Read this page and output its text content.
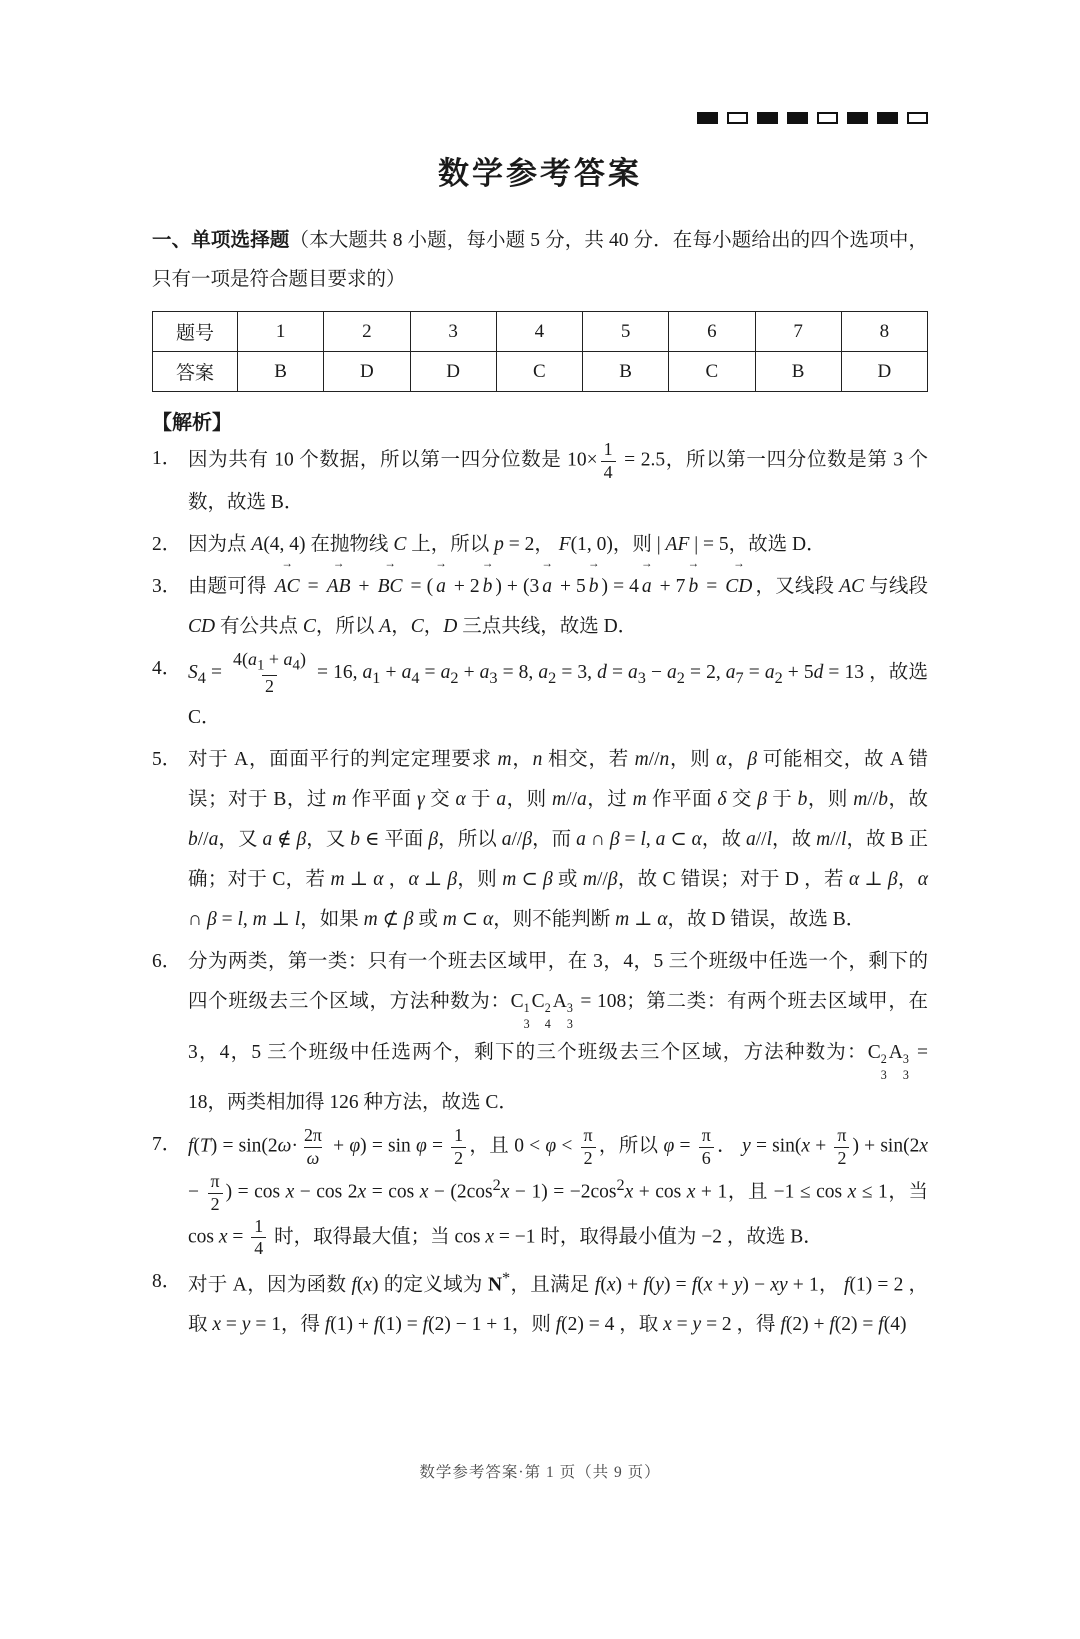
数学参考答案
一、单项选择题（本大题共 8 小题，每小题 5 分，共 40 分．在每小题给出的四个选项中，只有一项是符合题目要求的）
题号	1	2	3	4	5	6	7	8
答案	B	D	D	C	B	C	B	D
【解析】
1． 因为共有 10 个数据，所以第一四分位数是 $10\times \frac{1}{4} = 2.5$，所以第一四分位数是第 3 个数，故选 B．
2． 因为点 A(4, 4) 在抛物线 C 上，所以 p = 2， F(1, 0)，则 | AF | = 5，故选 D．
3． 由题可得 → AC = → AB + → BC = ( → a + 2 → b ) + (3 → a + 5 → b ) = 4 → a + 7 → b = → CD ，又线段 AC 与线段 CD 有公共点 C，所以 A，C，D 三点共线，故选 D．
4． $S_4 = \frac{4(a_1 + a_4)}{2} = 16$, $a_1 + a_4 = a_2 + a_3 = 8$, $a_2 = 3$, $d = a_3 - a_2 = 2$, $a_7 = a_2 + 5d = 13$ ，故选 C．
5． 对于 A，面面平行的判定定理要求 m，n 相交，若 m//n，则 α，β 可能相交，故 A 错误；对于 B，过 m 作平面 γ 交 α 于 a，则 m//a，过 m 作平面 δ 交 β 于 b，则 m//b，故 b//a，又 a ∉ β，又 b ∈ 平面 β，所以 a//β，而 a ∩ β = l, a ⊂ α，故 a//l，故 m//l，故 B 正确；对于 C，若 m ⊥ α ，α ⊥ β，则 m ⊂ β 或 m//β，故 C 错误；对于 D ，若 α ⊥ β，α ∩ β = l, m ⊥ l，如果 m ⊄ β 或 m ⊂ α，则不能判断 m ⊥ α，故 D 错误，故选 B．
6． 分为两类，第一类：只有一个班去区域甲，在 3，4，5 三个班级中任选一个，剩下的四个班级去三个区域，方法种数为：C 1
3
C 2
4
A 3
3
= 108；第二类：有两个班去区域甲，在 3，4，5 三个班级中任选两个，剩下的三个班级去三个区域，方法种数为：C 2
3
A 3
3
= 18，两类相加得 126 种方法，故选 C．
7． $f(T) = \sin(2\omega\cdot \frac{2\pi}{\omega} + \varphi) = \sin \varphi = \frac{1}{2}$ ，且 $0 < \varphi < \frac{\pi}{2}$ ，所以 $\varphi = \frac{\pi}{6}$ ． $y = \sin(x + \frac{\pi}{2}$ ) + $\sin(2x - \frac{\pi}{2}$ ) = $\cos x - \cos 2x = \cos x - (2\cos^2x - 1) = -2\cos^2x + \cos x + 1$，且 −1 ≤ cos x ≤ 1，当 $\cos x = \frac{1}{4}$ 时，取得最大值；当 cos x = −1 时，取得最小值为 −2 ，故选 B．
8． 对于 A，因为函数 f(x) 的定义域为 N*，且满足 f(x) + f(y) = f(x + y) − xy + 1， f(1) = 2 ，取 x = y = 1，得 f(1) + f(1) = f(2) − 1 + 1，则 f(2) = 4 ，取 x = y = 2 ，得 f(2) + f(2) = f(4)
数学参考答案·第 1 页（共 9 页）
